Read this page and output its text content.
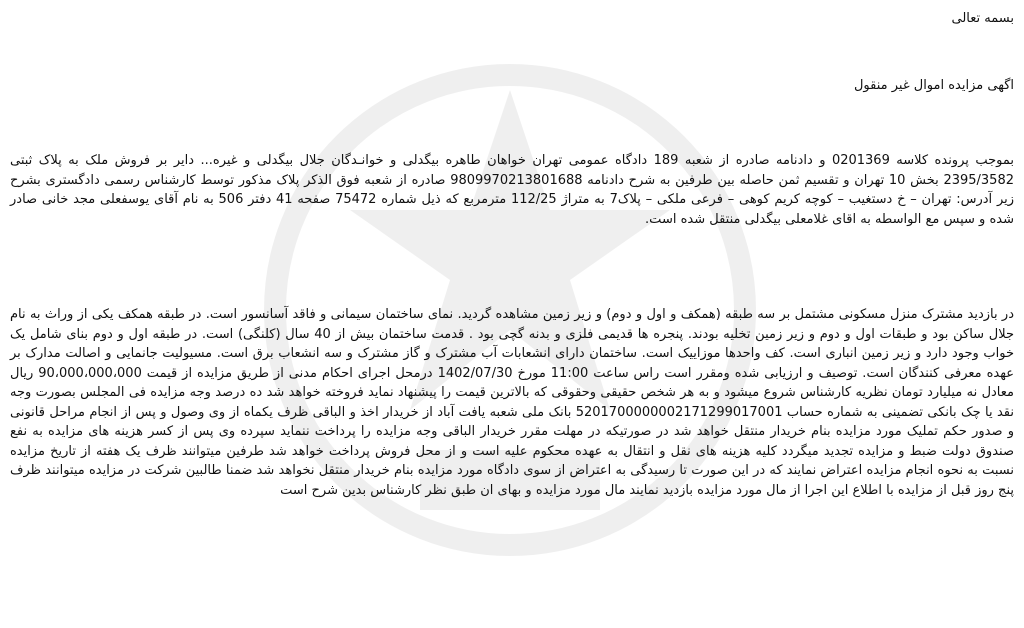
بسمه تعالی
اگهی مزایده اموال غیر منقول
بموجب پرونده کلاسه 0201369 و دادنامه صادره از شعبه 189 دادگاه عمومی تهران خواهان طاهره بیگدلی و خوانـدگان جلال بیگدلی و غیره... دایر بر فروش ملک به پلاک ثبتی 2395/3582 بخش 10 تهران و تقسیم ثمن حاصله بین طرفین به شرح دادنامه 9809970213801688 صادره از شعبه فوق الذکر پلاک مذکور توسط کارشناس رسمی دادگستری بشرح زیر آدرس: تهران – خ دستغیب – کوچه کریم کوهی – فرعی ملکی – پلاک7 به متراژ 112/25 مترمربع که ذیل شماره 75472 صفحه 41 دفتر 506 به نام آقای یوسفعلی مجد خانی صادر شده و سپس مع الواسطه به اقای غلامعلی بیگدلی منتقل شده است.
در بازدید مشترک منزل مسکونی مشتمل بر سه طبقه (همکف و اول و دوم) و زیر زمین مشاهده گردید. نمای ساختمان سیمانی و فاقد آسانسور است. در طبقه همکف یکی از وراث به نام جلال ساکن بود و طبقات اول و دوم و زیر زمین تخلیه بودند. پنجره ها قدیمی فلزی و بدنه گچی بود . قدمت ساختمان بیش از 40 سال (کلنگی) است. در طبقه اول و دوم بنای شامل یک خواب وجود دارد و زیر زمین انباری است. کف واحدها موزاییک است. ساختمان دارای انشعابات آب مشترک و گاز مشترک و سه انشعاب برق است. مسیولیت جانمایی و اصالت مدارک بر عهده معرفی کنندگان است. توصیف و ارزیابی شده ومقرر است راس ساعت 11:00 مورخ 1402/07/30 درمحل اجرای احکام مدنی از طریق مزایده از قیمت 90،000،000،000 ریال معادل نه میلیارد تومان نظریه کارشناس شروع میشود و به هر شخص حقیقی وحقوقی که بالاترین قیمت را پیشنهاد نماید فروخته خواهد شد ده درصد وجه مزایده فی المجلس بصورت وجه نقد یا چک بانکی تضمینی به شماره حساب 5201700000002171299017001 بانک ملی شعبه یافت آباد از خریدار اخذ و الباقی ظرف یکماه از وی وصول و پس از انجام مراحل قانونی و صدور حکم تملیک مورد مزایده بنام خریدار منتقل خواهد شد در صورتیکه در مهلت مقرر خریدار الباقی وجه مزایده را پرداخت ننماید سپرده وی پس از کسر هزینه های مزایده به نفع صندوق دولت ضبط و مزایده تجدید میگردد کلیه هزینه های نقل و انتقال به عهده محکوم علیه است و از محل فروش پرداخت خواهد شد طرفین میتوانند ظرف یک هفته از تاریخ مزایده نسبت به نحوه انجام مزایده اعتراض نمایند که در این صورت تا رسیدگی به اعتراض از سوی دادگاه مورد مزایده بنام خریدار منتقل نخواهد شد ضمنا طالبین شرکت در مزایده میتوانند ظرف پنج روز قبل از مزایده با اطلاع این اجرا از مال مورد مزایده بازدید نمایند مال مورد مزایده و بهای ان طبق نظر کارشناس بدین شرح است
